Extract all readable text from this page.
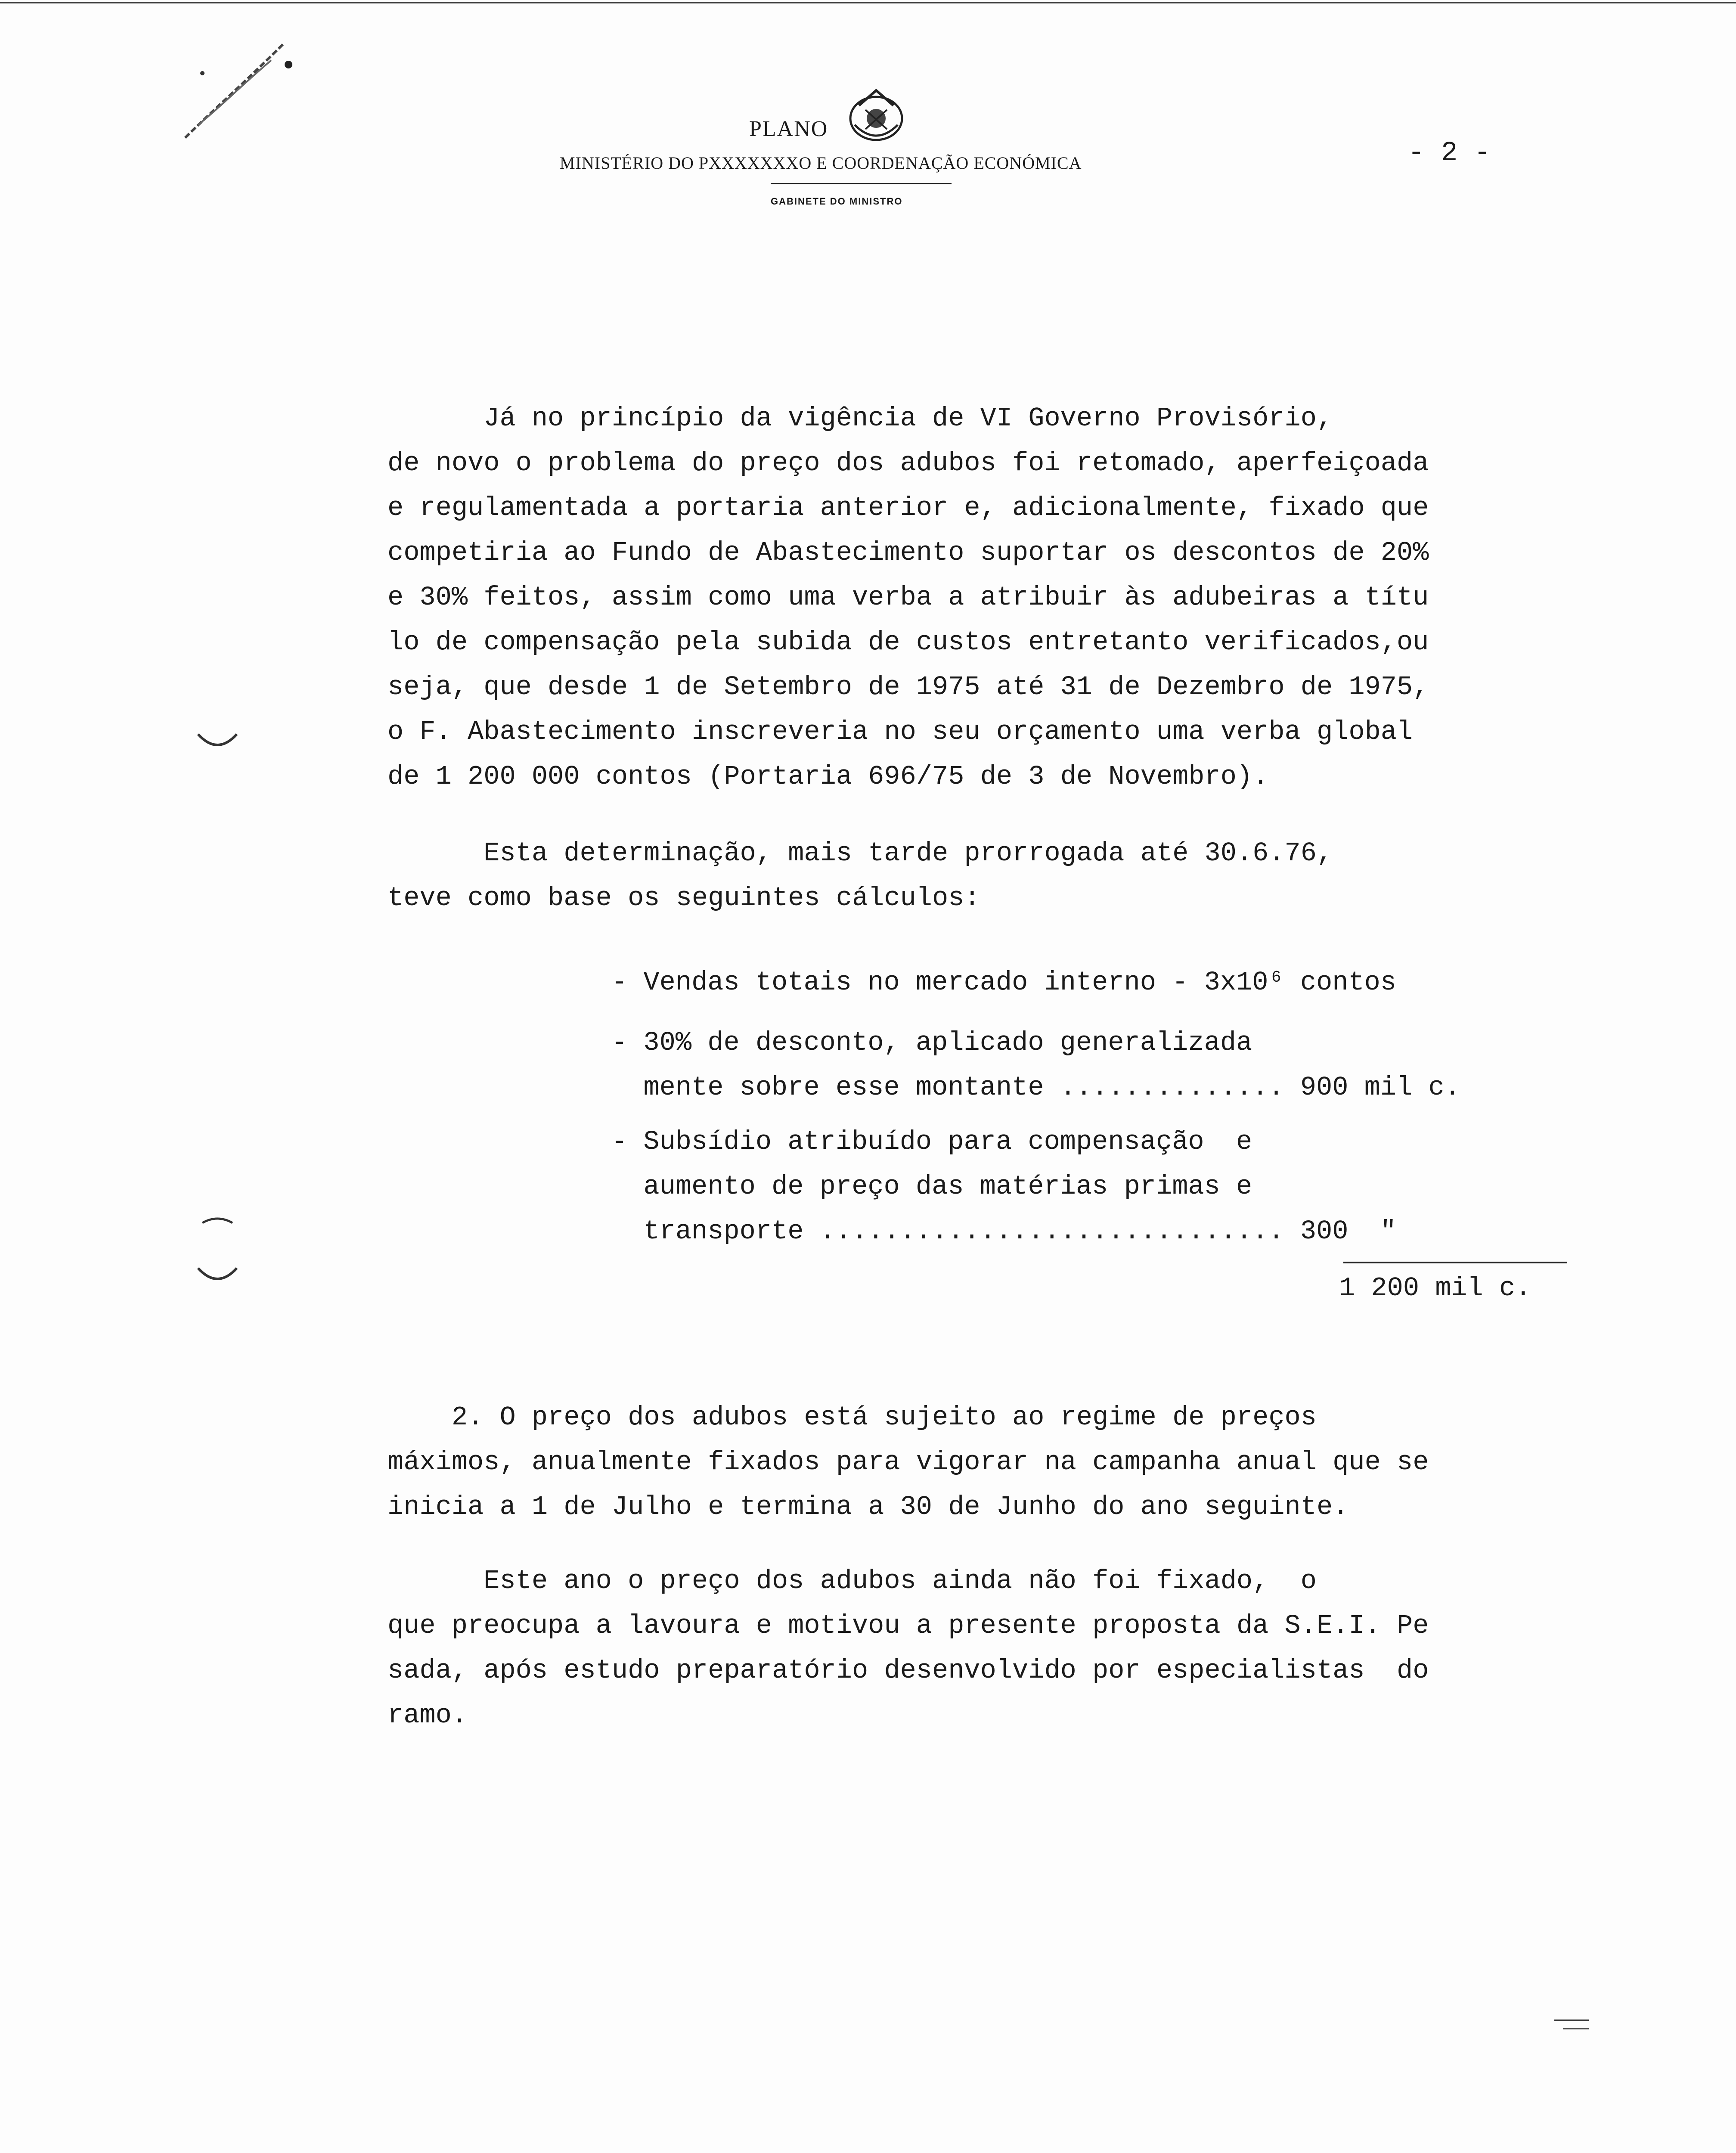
PLANO
MINISTÉRIO DO PXXXXXXXO E COORDENAÇÃO ECONÓMICA
GABINETE DO MINISTRO
- 2 -
Já no princípio da vigência de VI Governo Provisório,
de novo o problema do preço dos adubos foi retomado, aperfeiçoada
e regulamentada a portaria anterior e, adicionalmente, fixado que
competiria ao Fundo de Abastecimento suportar os descontos de 20%
e 30% feitos, assim como uma verba a atribuir às adubeiras a títu
lo de compensação pela subida de custos entretanto verificados,ou
seja, que desde 1 de Setembro de 1975 até 31 de Dezembro de 1975,
o F. Abastecimento inscreveria no seu orçamento uma verba global
de 1 200 000 contos (Portaria 696/75 de 3 de Novembro).
Esta determinação, mais tarde prorrogada até 30.6.76,
teve como base os seguintes cálculos:
- Vendas totais no mercado interno - 3x10⁶ contos
- 30% de desconto, aplicado generalizada
mente sobre esse montante .............. 900 mil c.
- Subsídio atribuído para compensação  e
aumento de preço das matérias primas e
transporte ............................. 300  "
1 200 mil c.
2. O preço dos adubos está sujeito ao regime de preços
máximos, anualmente fixados para vigorar na campanha anual que se
inicia a 1 de Julho e termina a 30 de Junho do ano seguinte.
Este ano o preço dos adubos ainda não foi fixado,  o
que preocupa a lavoura e motivou a presente proposta da S.E.I. Pe
sada, após estudo preparatório desenvolvido por especialistas  do
ramo.
